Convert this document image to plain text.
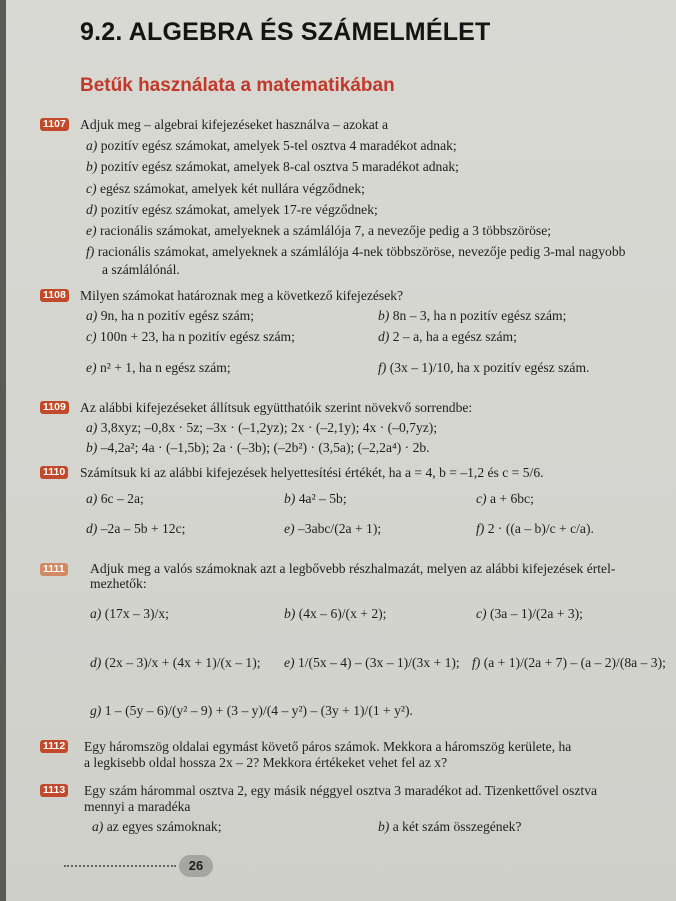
9.2. ALGEBRA ÉS SZÁMELMÉLET
Betűk használata a matematikában
1107 Adjuk meg – algebrai kifejezéseket használva – azokat a
a) pozitív egész számokat, amelyek 5-tel osztva 4 maradékot adnak;
b) pozitív egész számokat, amelyek 8-cal osztva 5 maradékot adnak;
c) egész számokat, amelyek két nullára végződnek;
d) pozitív egész számokat, amelyek 17-re végződnek;
e) racionális számokat, amelyeknek a számlálója 7, a nevezője pedig a 3 többszöröse;
f) racionális számokat, amelyeknek a számlálója 4-nek többszöröse, nevezője pedig 3-mal nagyobb
a számlálónál.
1108 Milyen számokat határoznak meg a következő kifejezések?
a) 9n, ha n pozitív egész szám;	b) 8n – 3, ha n pozitív egész szám;
c) 100n + 23, ha n pozitív egész szám;	d) 2 – a, ha a egész szám;
e) n² + 1, ha n egész szám;	f) (3x – 1)/10, ha x pozitív egész szám.
1109 Az alábbi kifejezéseket állítsuk együtthatóik szerint növekvő sorrendbe:
a) 3,8xyz; –0,8x · 5z; –3x · (–1,2yz); 2x · (–2,1y); 4x · (–0,7yz);
b) –4,2a²; 4a · (–1,5b); 2a · (–3b); (–2b²) · (3,5a); (–2,2a⁴) · 2b.
1110 Számítsuk ki az alábbi kifejezések helyettesítési értékét, ha a = 4, b = –1,2 és c = 5/6.
a) 6c – 2a;	b) 4a² – 5b;	c) a + 6bc;
d) –2a – 5b + 12c;	e) –3abc/(2a + 1);	f) 2 · ((a – b)/c + c/a).
1111 Adjuk meg a valós számoknak azt a legbővebb részhalmazát, melyen az alábbi kifejezések értel-
mezhetők:
a) (17x – 3)/x;	b) (4x – 6)/(x + 2);	c) (3a – 1)/(2a + 3);
d) (2x – 3)/x + (4x + 1)/(x – 1); e) 1/(5x – 4) – (3x – 1)/(3x + 1); f) (a + 1)/(2a + 7) – (a – 2)/(8a – 3);
g) 1 – (5y – 6)/(y² – 9) + (3 – y)/(4 – y²) – (3y + 1)/(1 + y²).
1112 Egy háromszög oldalai egymást követő páros számok. Mekkora a háromszög kerülete, ha
a legkisebb oldal hossza 2x – 2? Mekkora értékeket vehet fel az x?
1113 Egy szám hárommal osztva 2, egy másik néggyel osztva 3 maradékot ad. Tizenkettővel osztva
mennyi a maradéka
a) az egyes számoknak;	b) a két szám összegének?
26
